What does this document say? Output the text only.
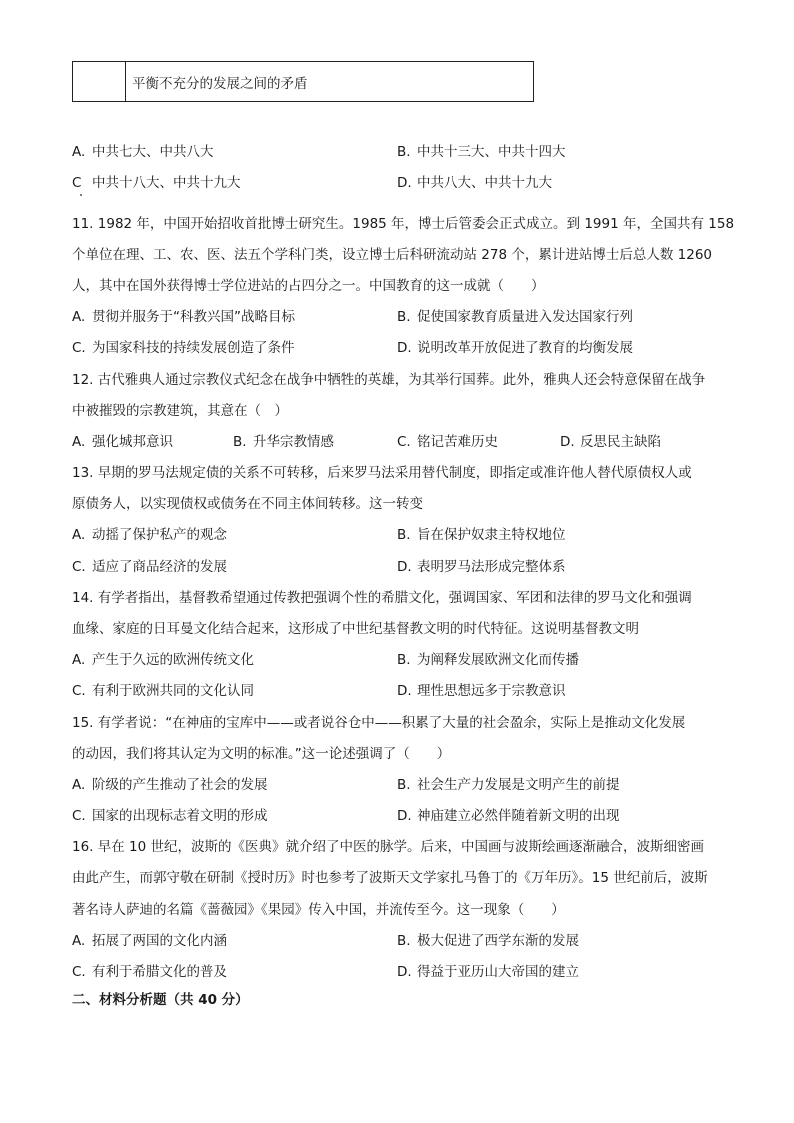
平衡不充分的发展之间的矛盾
A. 中共七大、中共八大	B. 中共十三大、中共十四大
C 中共十八大、中共十九大	D. 中共八大、中共十九大
11. 1982 年，中国开始招收首批博士研究生。1985 年，博士后管委会正式成立。到 1991 年，全国共有 158
个单位在理、工、农、医、法五个学科门类，设立博士后科研流动站 278 个，累计进站博士后总人数 1260
人，其中在国外获得博士学位进站的占四分之一。中国教育的这一成就（　　）
A. 贯彻并服务于“科教兴国”战略目标	B. 促使国家教育质量进入发达国家行列
C. 为国家科技的持续发展创造了条件	D. 说明改革开放促进了教育的均衡发展
12. 古代雅典人通过宗教仪式纪念在战争中牺牲的英雄，为其举行国葬。此外，雅典人还会特意保留在战争
中被摧毁的宗教建筑，其意在（　）
A. 强化城邦意识	B. 升华宗教情感	C. 铭记苦难历史	D. 反思民主缺陷
13. 早期的罗马法规定债的关系不可转移，后来罗马法采用替代制度，即指定或准许他人替代原债权人或
原债务人，以实现债权或债务在不同主体间转移。这一转变
A. 动摇了保护私产的观念	B. 旨在保护奴隶主特权地位
C. 适应了商品经济的发展	D. 表明罗马法形成完整体系
14. 有学者指出，基督教希望通过传教把强调个性的希腊文化，强调国家、军团和法律的罗马文化和强调
血缘、家庭的日耳曼文化结合起来，这形成了中世纪基督教文明的时代特征。这说明基督教文明
A. 产生于久远的欧洲传统文化	B. 为阐释发展欧洲文化而传播
C. 有利于欧洲共同的文化认同	D. 理性思想远多于宗教意识
15. 有学者说：“在神庙的宝库中——或者说谷仓中——积累了大量的社会盈余，实际上是推动文化发展
的动因，我们将其认定为文明的标准。”这一论述强调了（　　）
A. 阶级的产生推动了社会的发展	B. 社会生产力发展是文明产生的前提
C. 国家的出现标志着文明的形成	D. 神庙建立必然伴随着新文明的出现
16. 早在 10 世纪，波斯的《医典》就介绍了中医的脉学。后来，中国画与波斯绘画逐渐融合，波斯细密画
由此产生，而郭守敬在研制《授时历》时也参考了波斯天文学家扎马鲁丁的《万年历》。15 世纪前后，波斯
著名诗人萨迪的名篇《蔷薇园》《果园》传入中国，并流传至今。这一现象（　　）
A. 拓展了两国的文化内涵	B. 极大促进了西学东渐的发展
C. 有利于希腊文化的普及	D. 得益于亚历山大帝国的建立
二、材料分析题（共 40 分）
